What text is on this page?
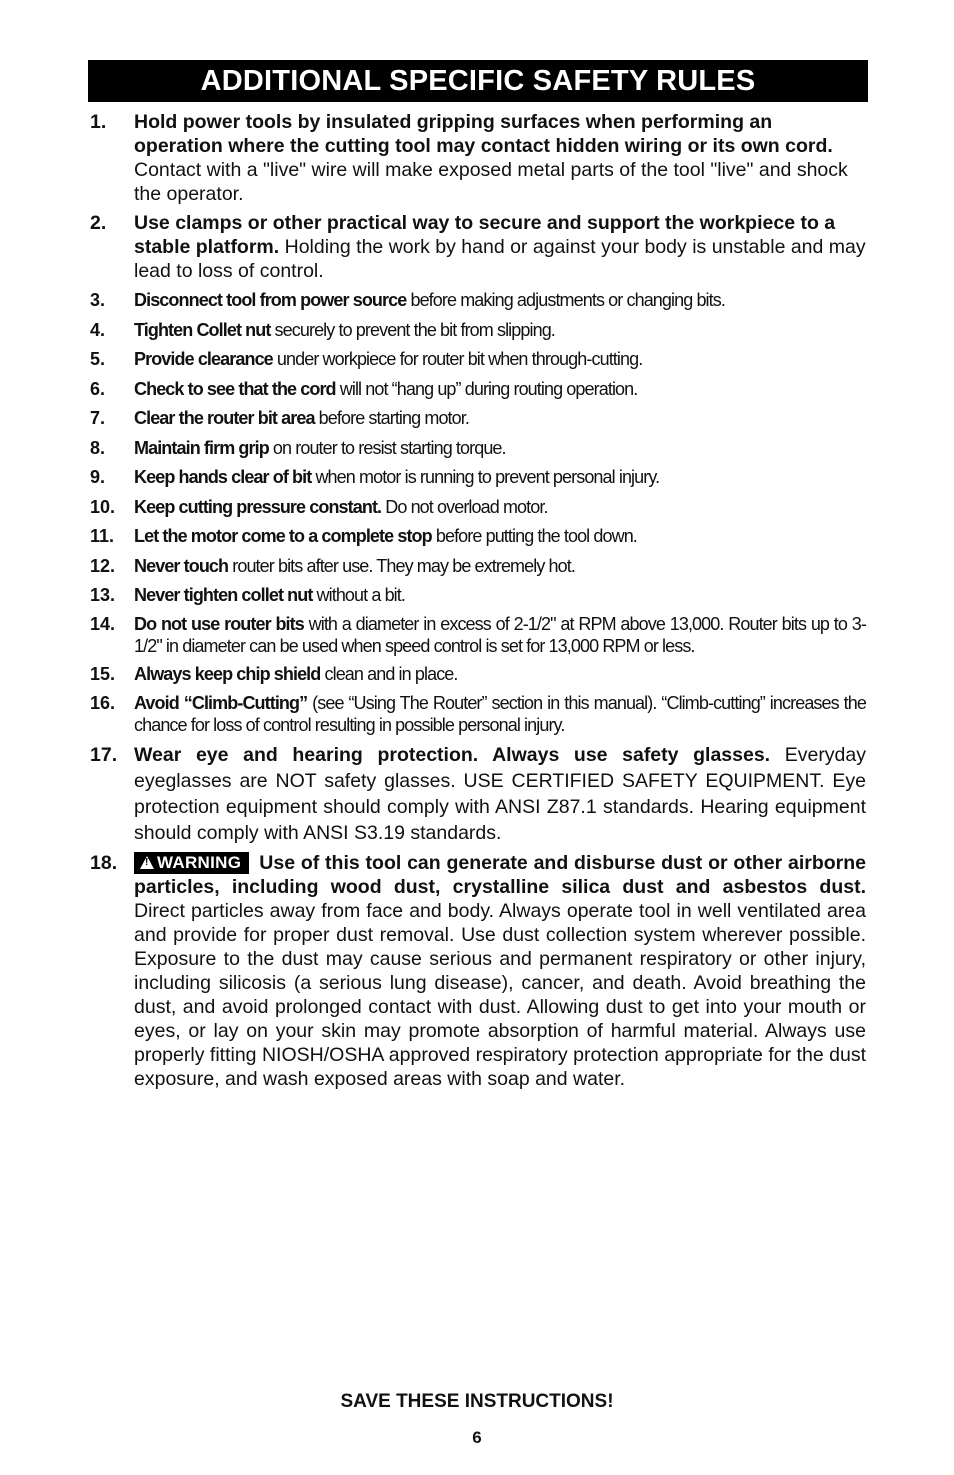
ADDITIONAL SPECIFIC SAFETY RULES
1. Hold power tools by insulated gripping surfaces when performing an operation where the cutting tool may contact hidden wiring or its own cord. Contact with a "live" wire will make exposed metal parts of the tool "live" and shock the operator.
2. Use clamps or other practical way to secure and support the workpiece to a stable platform. Holding the work by hand or against your body is unstable and may lead to loss of control.
3. Disconnect tool from power source before making adjustments or changing bits.
4. Tighten Collet nut securely to prevent the bit from slipping.
5. Provide clearance under workpiece for router bit when through-cutting.
6. Check to see that the cord will not “hang up” during routing operation.
7. Clear the router bit area before starting motor.
8. Maintain firm grip on router to resist starting torque.
9. Keep hands clear of bit when motor is running to prevent personal injury.
10. Keep cutting pressure constant. Do not overload motor.
11. Let the motor come to a complete stop before putting the tool down.
12. Never touch router bits after use. They may be extremely hot.
13. Never tighten collet nut without a bit.
14. Do not use router bits with a diameter in excess of 2-1/2" at RPM above 13,000. Router bits up to 3-1/2" in diameter can be used when speed control is set for 13,000 RPM or less.
15. Always keep chip shield clean and in place.
16. Avoid “Climb-Cutting” (see “Using The Router” section in this manual). “Climb-cutting” increases the chance for loss of control resulting in possible personal injury.
17. Wear eye and hearing protection. Always use safety glasses. Everyday eyeglasses are NOT safety glasses. USE CERTIFIED SAFETY EQUIPMENT. Eye protection equipment should comply with ANSI Z87.1 standards. Hearing equipment should comply with ANSI S3.19 standards.
18.
! WARNING Use of this tool can generate and disburse dust or other airborne particles, including wood dust, crystalline silica dust and asbestos dust.  Direct particles away from face and body. Always operate tool in well ventilated area and provide for proper dust removal. Use dust collection system wherever possible. Exposure to the dust may cause serious and permanent respiratory or other injury, including silicosis (a serious lung disease), cancer, and death. Avoid breathing the dust, and avoid prolonged contact with dust. Allowing dust to get into your mouth or eyes, or lay on your skin may promote absorption of harmful material. Always use properly fitting NIOSH/OSHA approved respiratory protection appropriate for the dust exposure, and wash exposed areas with soap and water.
SAVE THESE INSTRUCTIONS!
6
